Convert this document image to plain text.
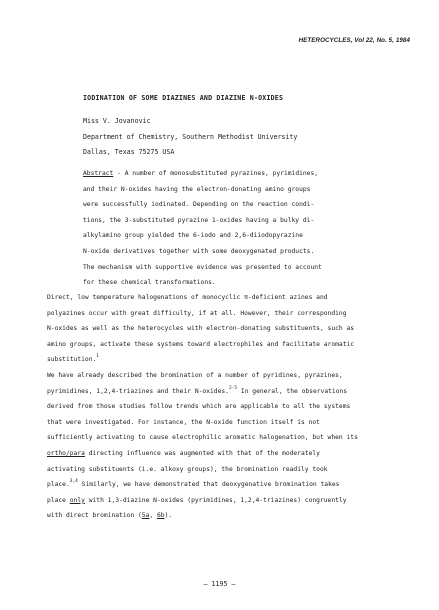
HETEROCYCLES, Vol 22, No. 5, 1984
IODINATION OF SOME DIAZINES AND DIAZINE N-OXIDES
Miss V. Jovanovic
Department of Chemistry, Southern Methodist University
Dallas, Texas 75275 USA
Abstract - A number of monosubstituted pyrazines, pyrimidines,
and their N-oxides having the electron-donating amino groups
were successfully iodinated. Depending on the reaction condi-
tions, the 3-substituted pyrazine 1-oxides having a bulky di-
alkylamino group yielded the 6-iodo and 2,6-diiodopyrazine
N-oxide derivatives together with some deoxygenated products.
The mechanism with supportive evidence was presented to account
for these chemical transformations.
Direct, low temperature halogenations of monocyclic π-deficient azines and
polyazines occur with great difficulty, if at all. However, their corresponding
N-oxides as well as the heterocycles with electron-donating substituents, such as
amino groups, activate these systems toward electrophiles and facilitate aromatic
substitution.$^1$
We have already described the bromination of a number of pyridines, pyrazines,
pyrimidines, 1,2,4-triazines and their N-oxides.$^{2-5}$ In general, the observations
derived from those studies follow trends which are applicable to all the systems
that were investigated. For instance, the N-oxide function itself is not
sufficiently activating to cause electrophilic aromatic halogenation, but when its
ortho/para directing influence was augmented with that of the moderately
activating substituents (i.e. alkoxy groups), the bromination readily took
place.$^{3,4}$ Similarly, we have demonstrated that deoxygenative bromination takes
place only with 1,3-diazine N-oxides (pyrimidines, 1,2,4-triazines) congruently
with direct bromination (5a, 6b).
— 1195 —
